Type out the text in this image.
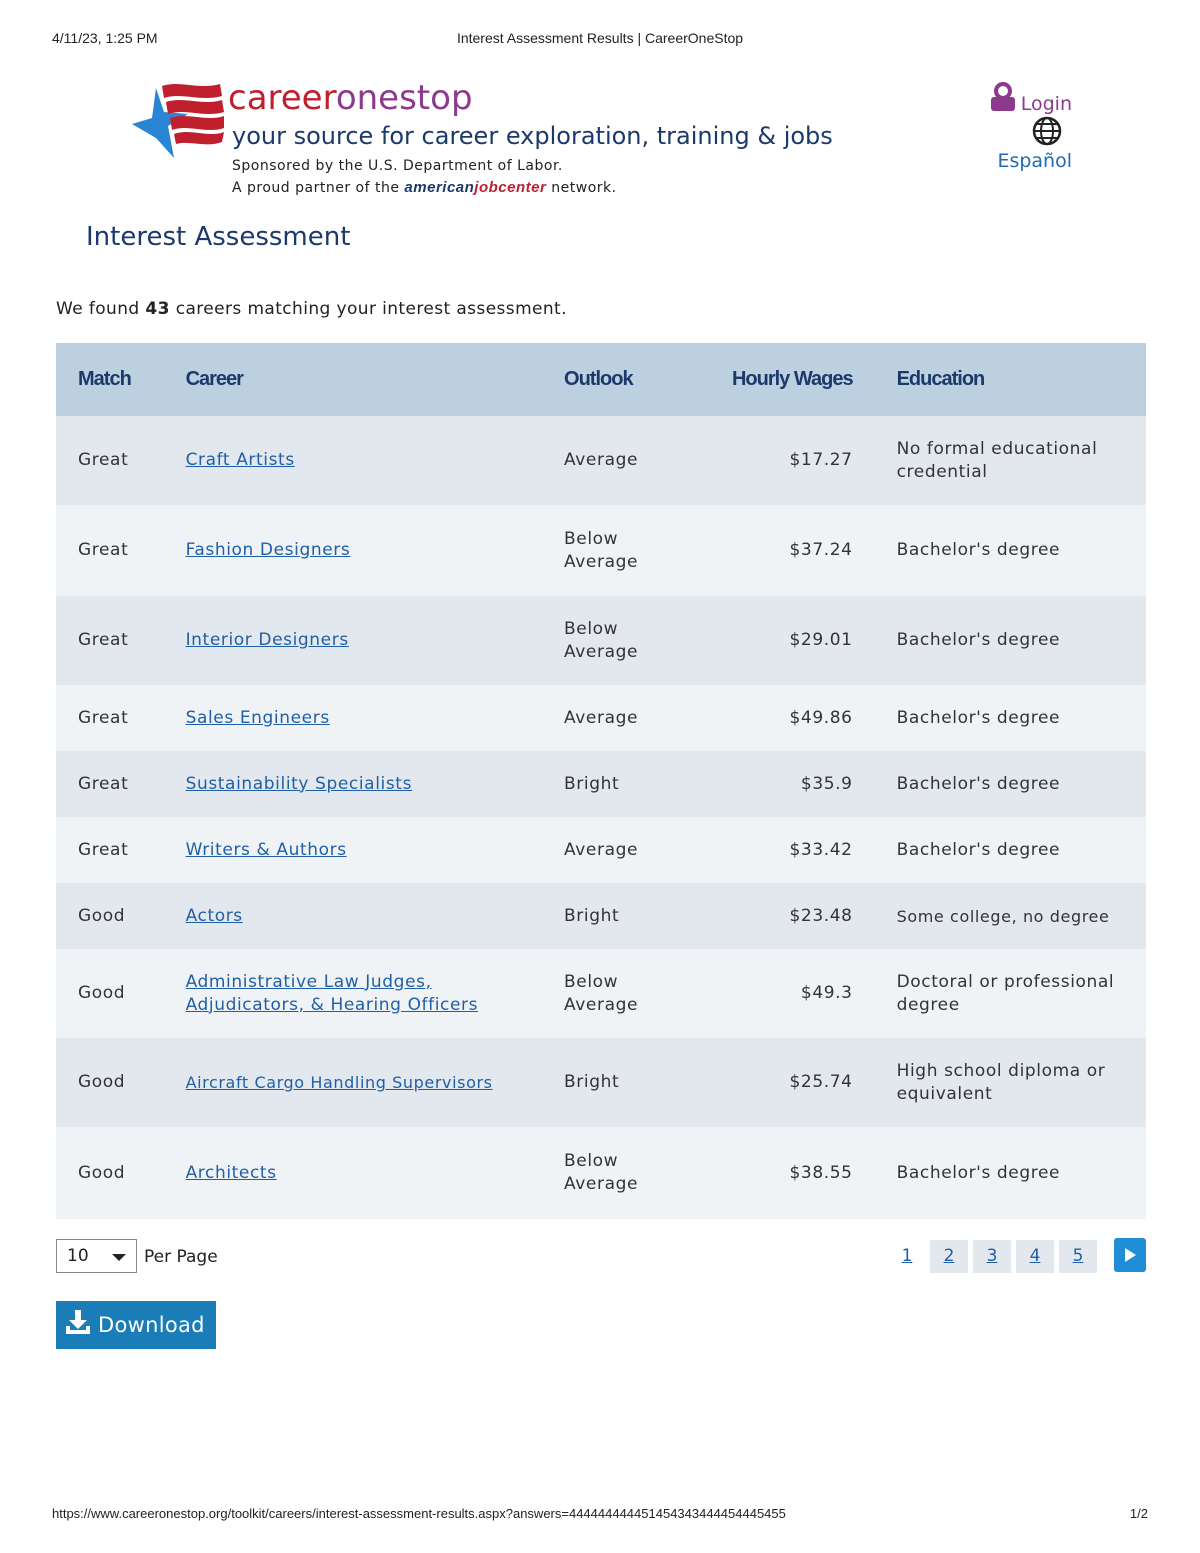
4/11/23, 1:25 PM	Interest Assessment Results | CareerOneStop
careeronestop
your source for career exploration, training & jobs
Sponsored by the U.S. Department of Labor.
A proud partner of the americanjobcenter network.
Login
Español
Interest Assessment

We found 43 careers matching your interest assessment.

Match	Career	Outlook	Hourly Wages	Education
Great	Craft Artists	Average	$17.27	No formal educational credential
Great	Fashion Designers	Below Average	$37.24	Bachelor's degree
Great	Interior Designers	Below Average	$29.01	Bachelor's degree
Great	Sales Engineers	Average	$49.86	Bachelor's degree
Great	Sustainability Specialists	Bright	$35.9	Bachelor's degree
Great	Writers & Authors	Average	$33.42	Bachelor's degree
Good	Actors	Bright	$23.48	Some college, no degree
Good	Administrative Law Judges, Adjudicators, & Hearing Officers	Below Average	$49.3	Doctoral or professional degree
Good	Aircraft Cargo Handling Supervisors	Bright	$25.74	High school diploma or equivalent
Good	Architects	Below Average	$38.55	Bachelor's degree
10	Per Page	1	2	3	4	5
Download
https://www.careeronestop.org/toolkit/careers/interest-assessment-results.aspx?answers=444444444451454343444454445455	1/2
